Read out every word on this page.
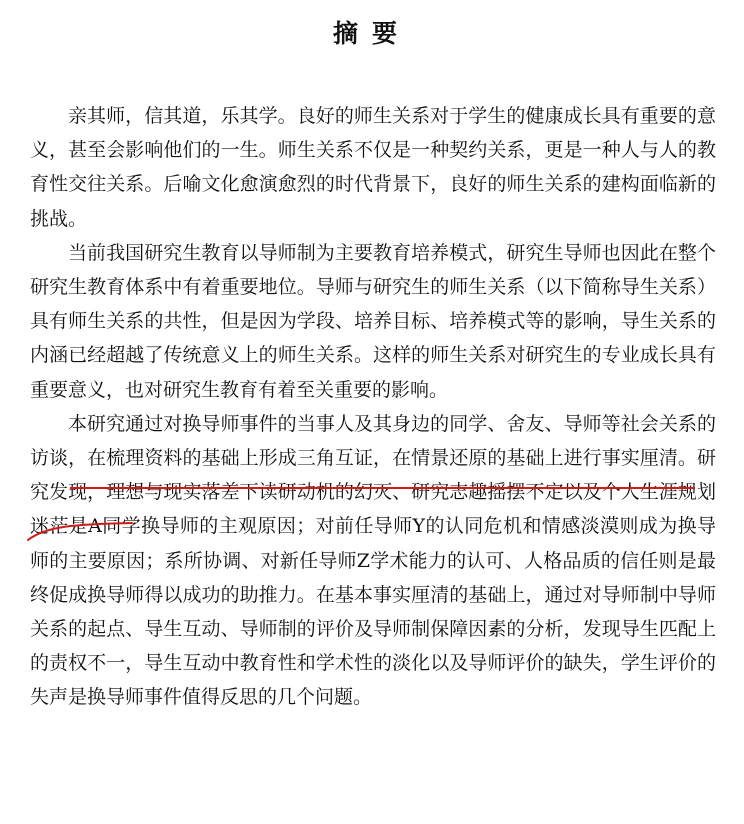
摘要

亲其师，信其道，乐其学。良好的师生关系对于学生的健康成长具有重要的意义，甚至会影响他们的一生。师生关系不仅是一种契约关系，更是一种人与人的教育性交往关系。后喻文化愈演愈烈的时代背景下，良好的师生关系的建构面临新的挑战。

当前我国研究生教育以导师制为主要教育培养模式，研究生导师也因此在整个研究生教育体系中有着重要地位。导师与研究生的师生关系（以下简称导生关系）具有师生关系的共性，但是因为学段、培养目标、培养模式等的影响，导生关系的内涵已经超越了传统意义上的师生关系。这样的师生关系对研究生的专业成长具有重要意义，也对研究生教育有着至关重要的影响。

本研究通过对换导师事件的当事人及其身边的同学、舍友、导师等社会关系的访谈，在梳理资料的基础上形成三角互证，在情景还原的基础上进行事实厘清。研究发现，理想与现实落差下读研动机的幻灭、研究志趣摇摆不定以及个人生涯规划迷茫是A同学换导师的主观原因；对前任导师Y的认同危机和情感淡漠则成为换导师的主要原因；系所协调、对新任导师Z学术能力的认可、人格品质的信任则是最终促成换导师得以成功的助推力。在基本事实厘清的基础上，通过对导师制中导师关系的起点、导生互动、导师制的评价及导师制保障因素的分析，发现导生匹配上的责权不一，导生互动中教育性和学术性的淡化以及导师评价的缺失，学生评价的失声是换导师事件值得反思的几个问题。
